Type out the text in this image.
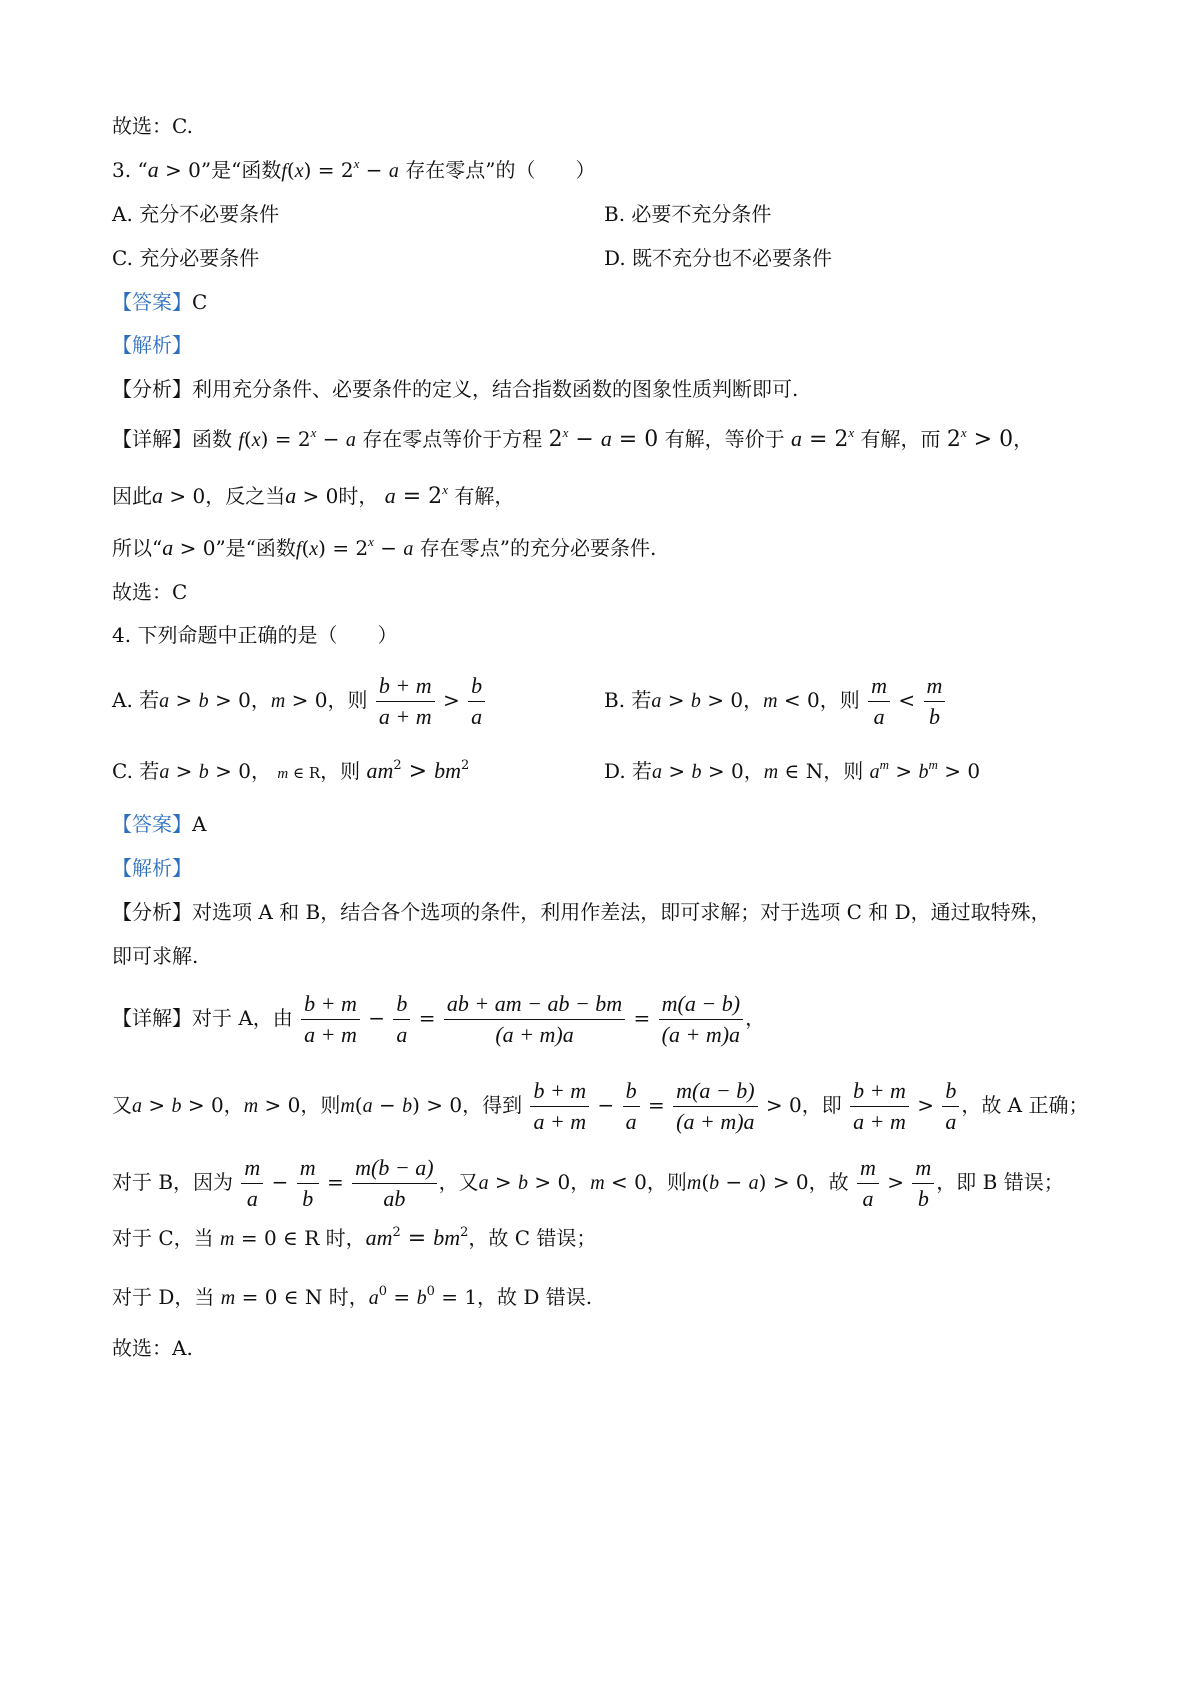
故选：C.
3. “a > 0”是“函数$f(x) = 2^x - a$ 存在零点”的（　　）
A. 充分不必要条件	B. 必要不充分条件
C. 充分必要条件	D. 既不充分也不必要条件
【答案】C
【解析】
【分析】利用充分条件、必要条件的定义，结合指数函数的图象性质判断即可.
【详解】函数 $f(x) = 2^x - a$ 存在零点等价于方程 $2^x - a = 0$ 有解，等价于 $a = 2^x$ 有解，而 $2^x > 0$，
因此a > 0，反之当a > 0时， $a = 2^x$ 有解，
所以“a > 0”是“函数$f(x) = 2^x - a$ 存在零点”的充分必要条件.
故选：C
4. 下列命题中正确的是（　　）
A. 若a > b > 0，m > 0，则 $\frac{b + m}{a + m} > \frac{b}{a}$	B. 若a > b > 0，m < 0，则 $\frac{m}{a} < \frac{m}{b}$
C. 若a > b > 0， m ∈ R，则 $am^2 > bm^2$	D. 若a > b > 0，m ∈ N，则 $a^m > b^m > 0$
【答案】A
【解析】
【分析】对选项 A 和 B，结合各个选项的条件，利用作差法，即可求解；对于选项 C 和 D，通过取特殊，
即可求解.
【详解】对于 A，由 $\frac{b + m}{a + m} - \frac{b}{a} = \frac{ab + am - ab - bm}{(a + m)a} = \frac{m(a - b)}{(a + m)a}$ ，
又a > b > 0，m > 0，则m(a − b) > 0，得到 $\frac{b + m}{a + m} - \frac{b}{a} = \frac{m(a - b)}{(a + m)a} > 0$，即 $\frac{b + m}{a + m} > \frac{b}{a}$ ，故 A 正确；
对于 B，因为 $\frac{m}{a} - \frac{m}{b} = \frac{m(b - a)}{ab}$ ，又a > b > 0，m < 0，则m(b − a) > 0，故 $\frac{m}{a} > \frac{m}{b}$ ，即 B 错误；
对于 C，当 m = 0 ∈ R 时，$am^2 = bm^2$，故 C 错误；
对于 D，当 m = 0 ∈ N 时，$a^0 = b^0 = 1$，故 D 错误.
故选：A.
